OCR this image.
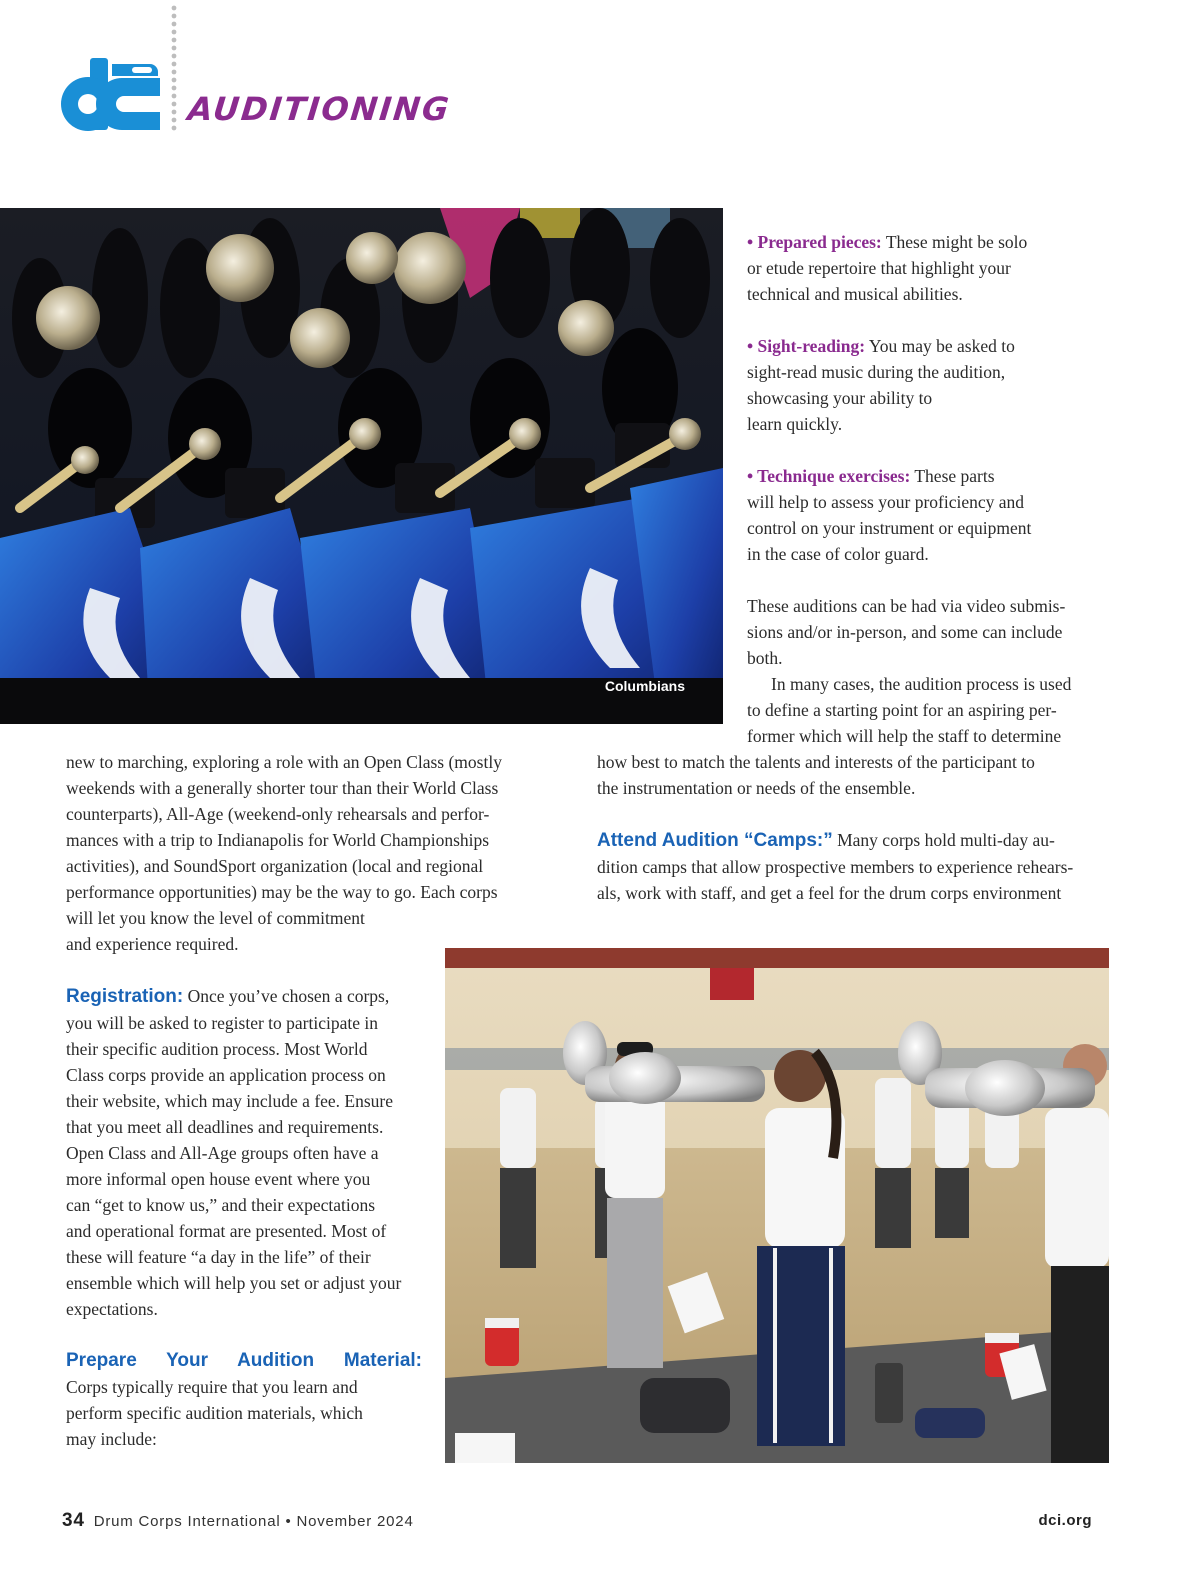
AUDITIONING
Columbians
• Prepared pieces: These might be solo
or etude repertoire that highlight your
technical and musical abilities.
• Sight-reading: You may be asked to
sight-read music during the audition,
showcasing your ability to
learn quickly.
• Technique exercises: These parts
will help to assess your proficiency and
control on your instrument or equipment
in the case of color guard.
These auditions can be had via video submis-
sions and/or in-person, and some can include
both.
In many cases, the audition process is used
to define a starting point for an aspiring per-
former which will help the staff to determine
how best to match the talents and interests of the participant to
the instrumentation or needs of the ensemble.
Attend Audition “Camps:” Many corps hold multi-day au-
dition camps that allow prospective members to experience rehears-
als, work with staff, and get a feel for the drum corps environment
new to marching, exploring a role with an Open Class (mostly
weekends with a generally shorter tour than their World Class
counterparts), All-Age (weekend-only rehearsals and perfor-
mances with a trip to Indianapolis for World Championships
activities), and SoundSport organization (local and regional
performance opportunities) may be the way to go. Each corps
will let you know the level of commitment
and experience required.
Registration: Once you’ve chosen a corps,
you will be asked to register to participate in
their specific audition process. Most World
Class corps provide an application process on
their website, which may include a fee. Ensure
that you meet all deadlines and requirements.
Open Class and All-Age groups often have a
more informal open house event where you
can “get to know us,” and their expectations
and operational format are presented. Most of
these will feature “a day in the life” of their
ensemble which will help you set or adjust your
expectations.
Prepare Your Audition Material:
Corps typically require that you learn and
perform specific audition materials, which
may include:
34 Drum Corps International • November 2024	dci.org
